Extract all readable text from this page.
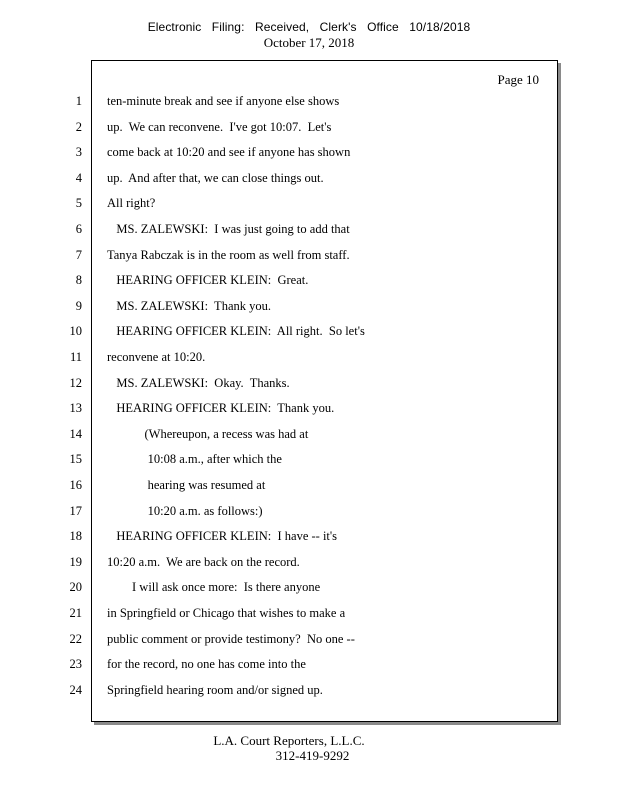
Electronic Filing: Received, Clerk's Office 10/18/2018
October 17, 2018
Page 10
1 ten-minute break and see if anyone else shows
2 up.  We can reconvene.  I've got 10:07.  Let's
3 come back at 10:20 and see if anyone has shown
4 up.  And after that, we can close things out.
5 All right?
6 MS. ZALEWSKI:  I was just going to add that
7 Tanya Rabczak is in the room as well from staff.
8 HEARING OFFICER KLEIN:  Great.
9 MS. ZALEWSKI:  Thank you.
10 HEARING OFFICER KLEIN:  All right.  So let's
11 reconvene at 10:20.
12 MS. ZALEWSKI:  Okay.  Thanks.
13 HEARING OFFICER KLEIN:  Thank you.
14 (Whereupon, a recess was had at
15 10:08 a.m., after which the
16 hearing was resumed at
17 10:20 a.m. as follows:)
18 HEARING OFFICER KLEIN:  I have -- it's
19 10:20 a.m.  We are back on the record.
20 I will ask once more:  Is there anyone
21 in Springfield or Chicago that wishes to make a
22 public comment or provide testimony?  No one --
23 for the record, no one has come into the
24 Springfield hearing room and/or signed up.
L.A. Court Reporters, L.L.C.
312-419-9292
